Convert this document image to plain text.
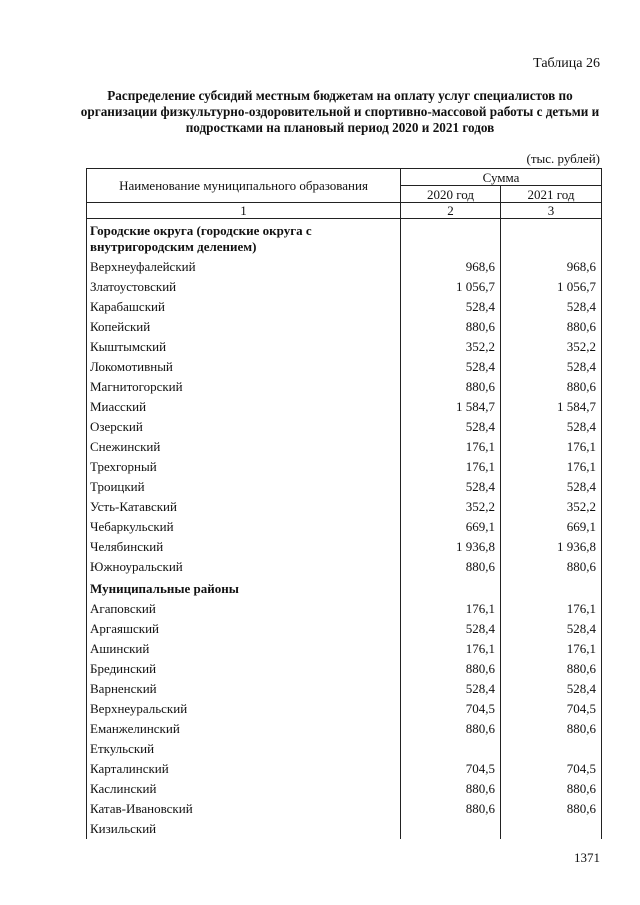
Таблица 26
Распределение субсидий местным бюджетам на оплату услуг специалистов по организации физкультурно-оздоровительной и спортивно-массовой работы с детьми и подростками на плановый период 2020 и 2021 годов
(тыс. рублей)
Наименование муниципального образования	Сумма	
	2020 год	2021 год
1	2	3
Городские округа (городские округа с внутригородским делением)		
Верхнеуфалейский	968,6	968,6
Златоустовский	1 056,7	1 056,7
Карабашский	528,4	528,4
Копейский	880,6	880,6
Кыштымский	352,2	352,2
Локомотивный	528,4	528,4
Магнитогорский	880,6	880,6
Миасский	1 584,7	1 584,7
Озерский	528,4	528,4
Снежинский	176,1	176,1
Трехгорный	176,1	176,1
Троицкий	528,4	528,4
Усть-Катавский	352,2	352,2
Чебаркульский	669,1	669,1
Челябинский	1 936,8	1 936,8
Южноуральский	880,6	880,6
Муниципальные районы		
Агаповский	176,1	176,1
Аргаяшский	528,4	528,4
Ашинский	176,1	176,1
Брединский	880,6	880,6
Варненский	528,4	528,4
Верхнеуральский	704,5	704,5
Еманжелинский	880,6	880,6
Еткульский		
Карталинский	704,5	704,5
Каслинский	880,6	880,6
Катав-Ивановский	880,6	880,6
Кизильский		
1371
